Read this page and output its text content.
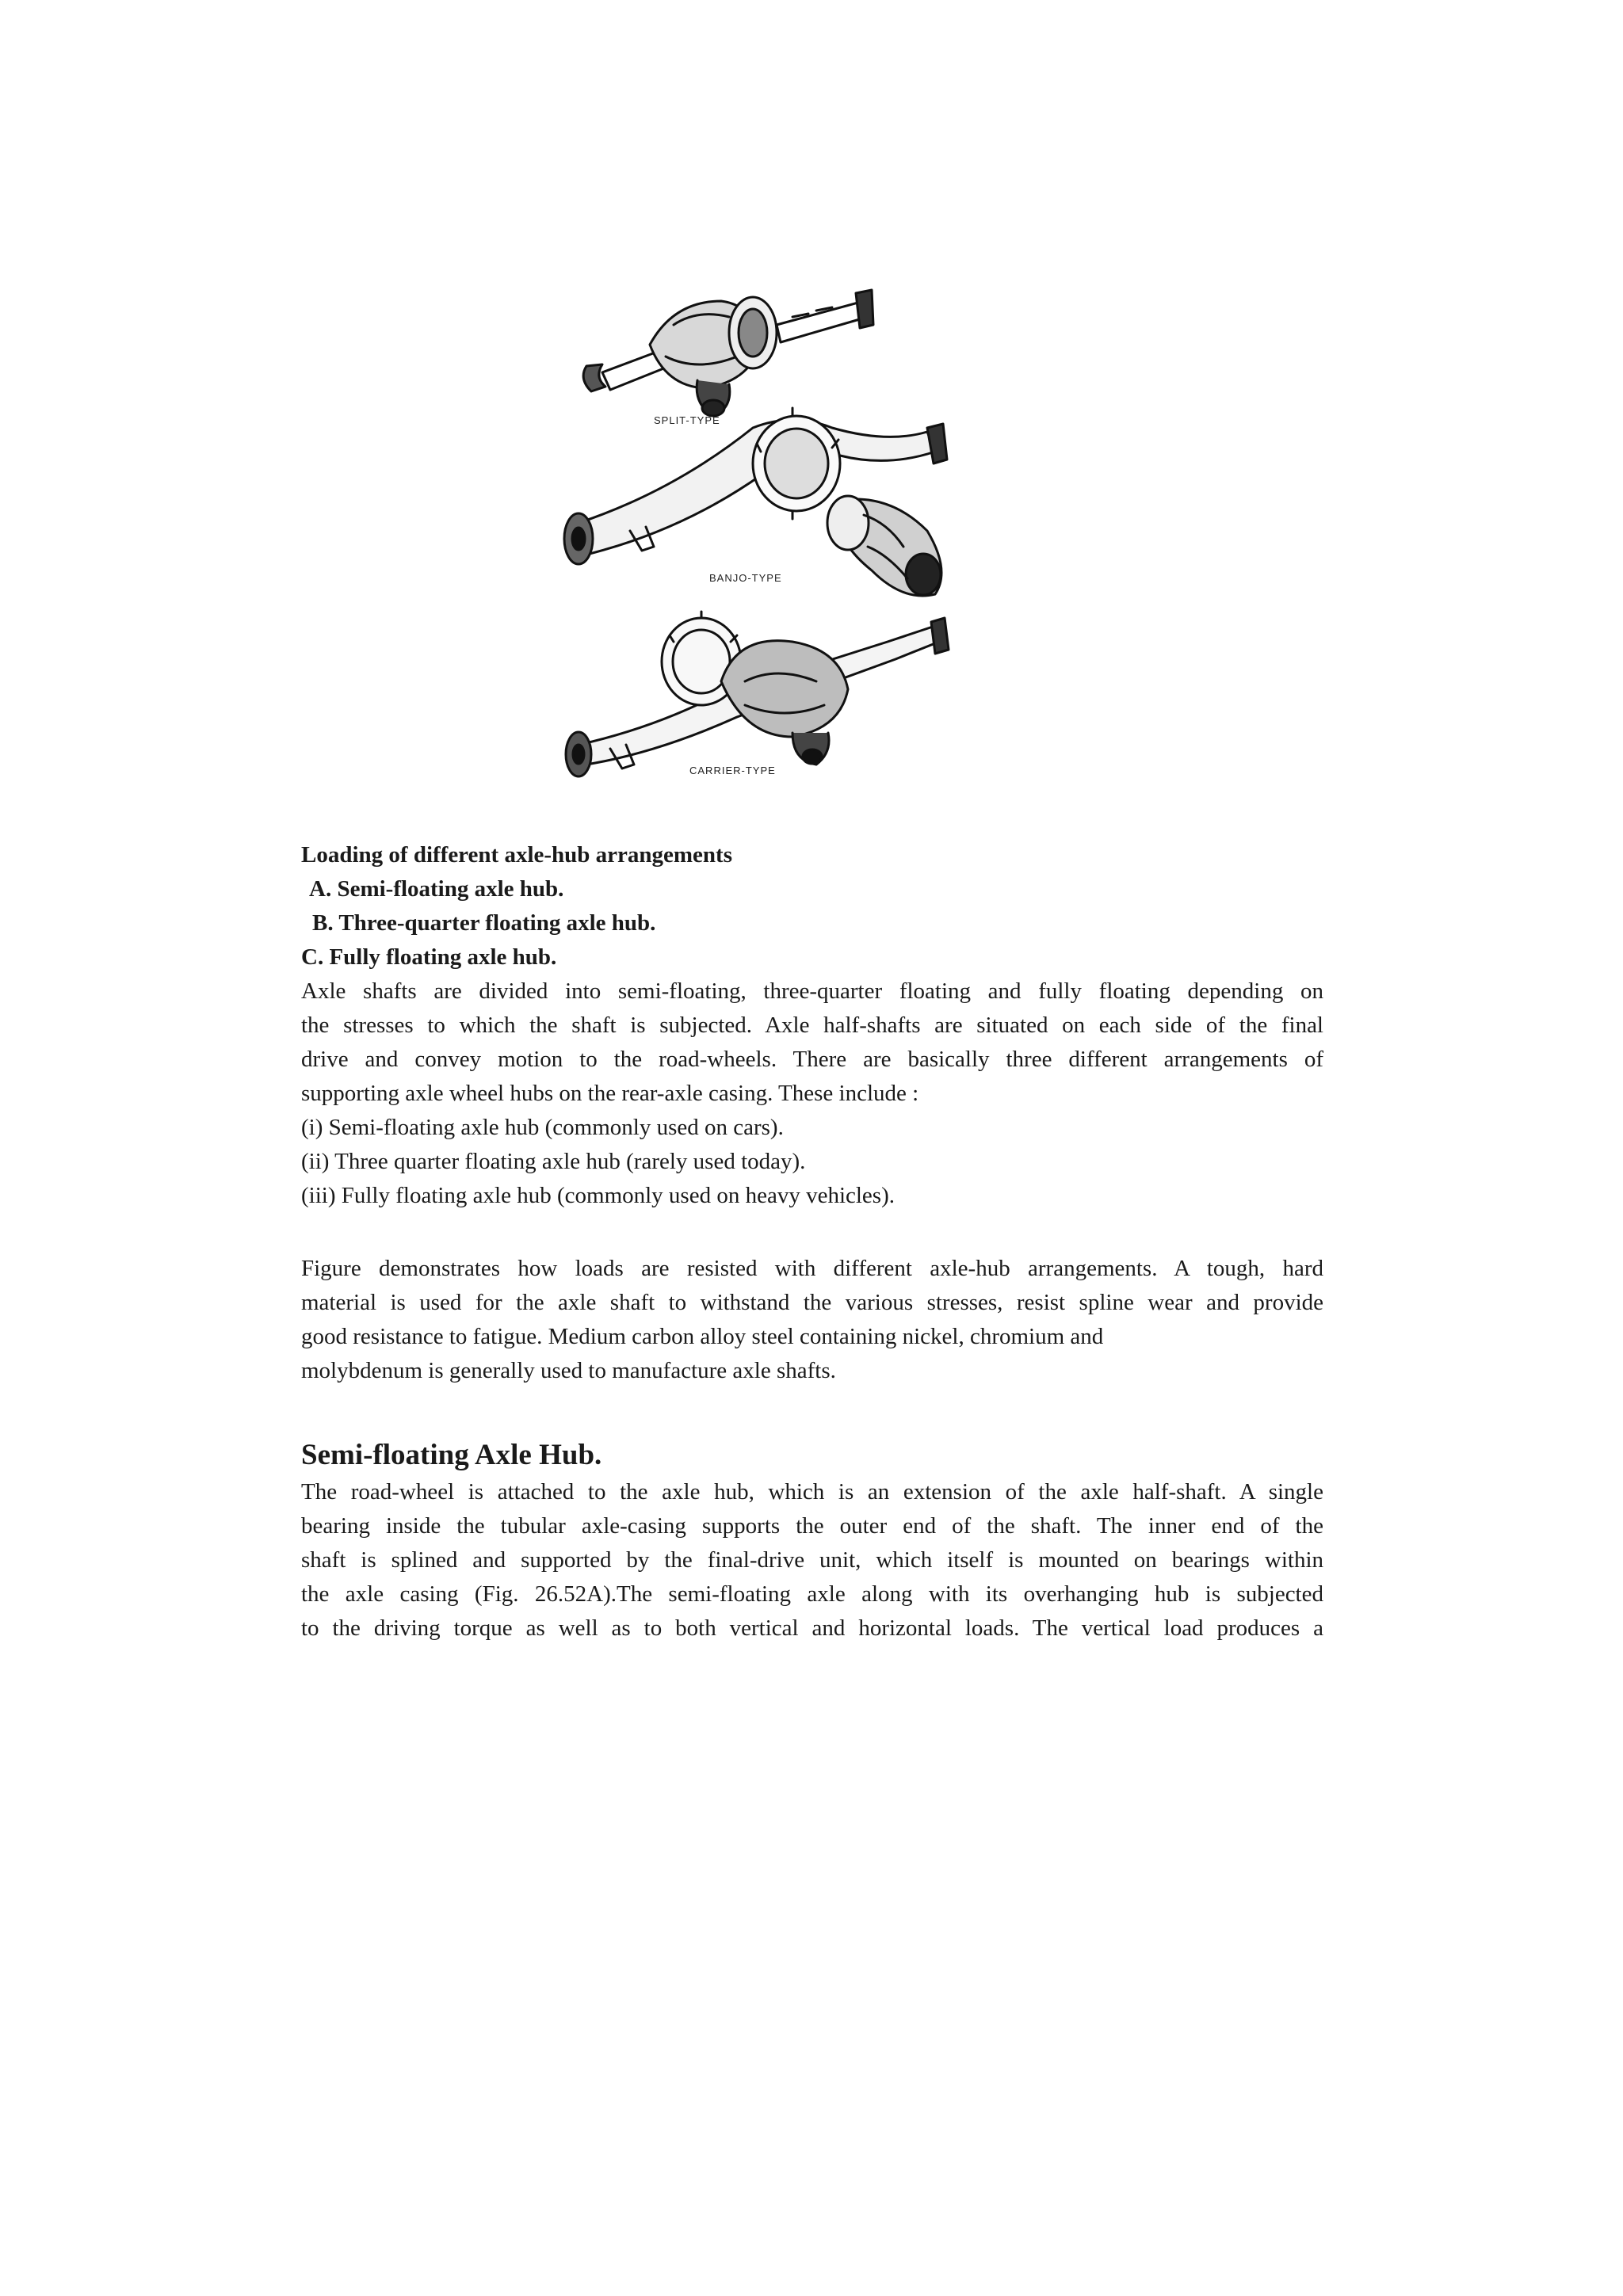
SPLIT-TYPE
BANJO-TYPE
CARRIER-TYPE
Loading of different axle-hub arrangements
A. Semi-floating axle hub.
B. Three-quarter floating axle hub.
C. Fully floating axle hub.
Axle shafts are divided into semi-floating, three-quarter floating and fully floating depending on
the stresses to which the shaft is subjected. Axle half-shafts are situated on each side of the final
drive and convey motion to the road-wheels. There are basically three different arrangements of
supporting axle wheel hubs on the rear-axle casing. These include :
(i) Semi-floating axle hub (commonly used on cars).
(ii) Three quarter floating axle hub (rarely used today).
(iii) Fully floating axle hub (commonly used on heavy vehicles).
Figure demonstrates how loads are resisted with different axle-hub arrangements. A tough, hard
material is used for the axle shaft to withstand the various stresses, resist spline wear and provide
good resistance to fatigue. Medium carbon alloy steel containing nickel, chromium and
molybdenum is generally used to manufacture axle shafts.
Semi-floating Axle Hub.
The road-wheel is attached to the axle hub, which is an extension of the axle half-shaft. A single
bearing inside the tubular axle-casing supports the outer end of the shaft. The inner end of the
shaft is splined and supported by the final-drive unit, which itself is mounted on bearings within
the axle casing (Fig. 26.52A).The semi-floating axle along with its overhanging hub is subjected
to the driving torque as well as to both vertical and horizontal loads. The vertical load produces a
